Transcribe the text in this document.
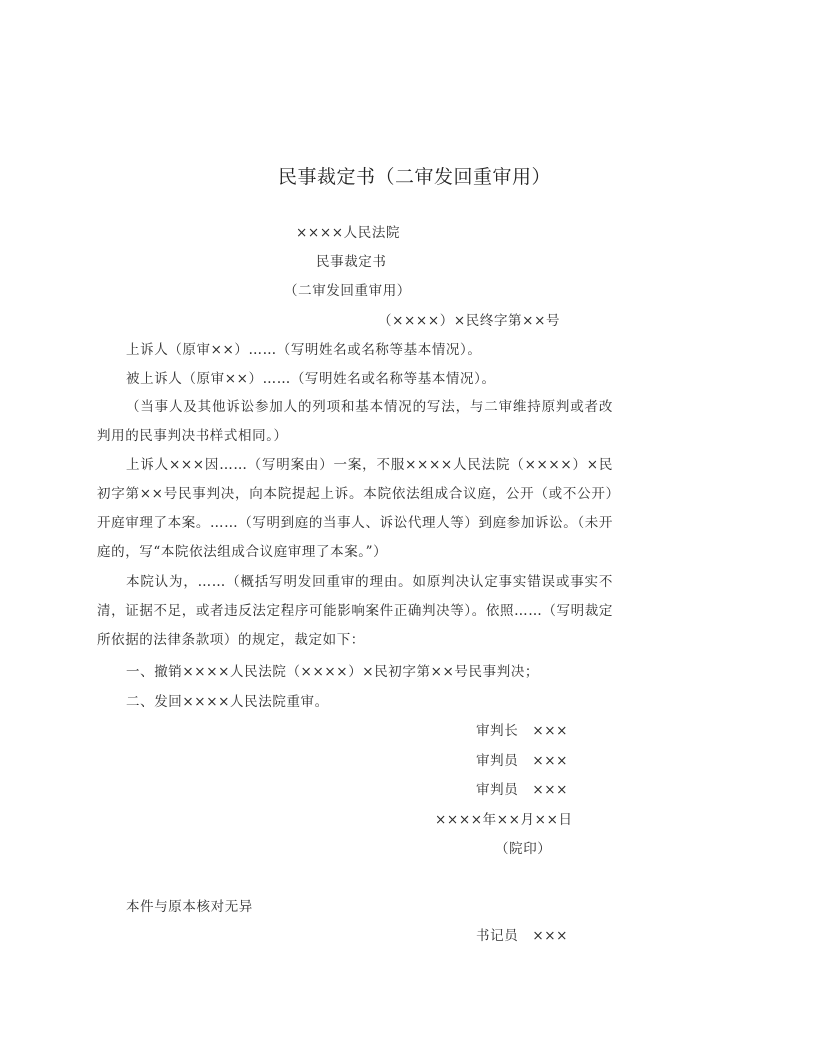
民事裁定书（二审发回重审用）
××××人民法院
民事裁定书
（二审发回重审用）
（××××）×民终字第××号
上诉人（原审××）……（写明姓名或名称等基本情况）。
被上诉人（原审××）……（写明姓名或名称等基本情况）。
（当事人及其他诉讼参加人的列项和基本情况的写法，与二审维持原判或者改判用的民事判决书样式相同。）
上诉人×××因……（写明案由）一案，不服××××人民法院（××××）×民初字第××号民事判决，向本院提起上诉。本院依法组成合议庭，公开（或不公开）开庭审理了本案。……（写明到庭的当事人、诉讼代理人等）到庭参加诉讼。（未开庭的，写“本院依法组成合议庭审理了本案。”）
本院认为，……（概括写明发回重审的理由。如原判决认定事实错误或事实不清，证据不足，或者违反法定程序可能影响案件正确判决等）。依照……（写明裁定所依据的法律条款项）的规定，裁定如下：
一、撤销××××人民法院（××××）×民初字第××号民事判决；
二、发回××××人民法院重审。
审判长 ×××
审判员 ×××
审判员 ×××
××××年××月××日
（院印）
本件与原本核对无异
书记员 ×××
